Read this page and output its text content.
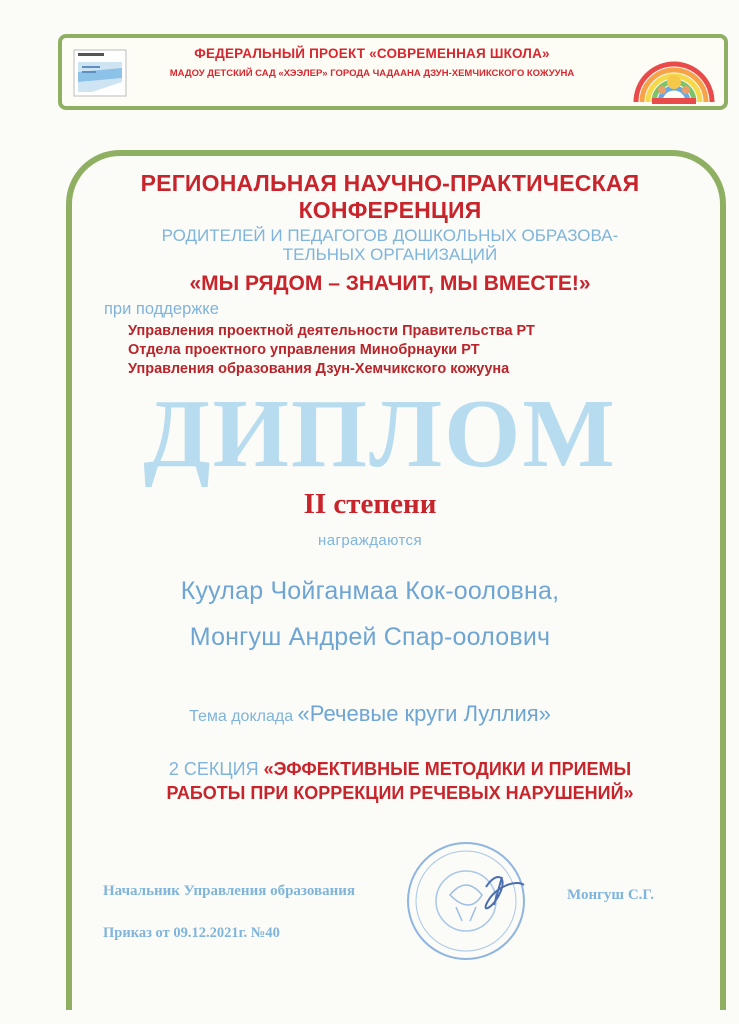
ФЕДЕРАЛЬНЫЙ ПРОЕКТ «СОВРЕМЕННАЯ ШКОЛА»
МАДОУ ДЕТСКИЙ САД «ХЭЭЛЕР» ГОРОДА ЧАДААНА ДЗУН-ХЕМЧИКСКОГО КОЖУУНА
РЕГИОНАЛЬНАЯ НАУЧНО-ПРАКТИЧЕСКАЯ
КОНФЕРЕНЦИЯ
РОДИТЕЛЕЙ И ПЕДАГОГОВ ДОШКОЛЬНЫХ ОБРАЗОВА-
ТЕЛЬНЫХ ОРГАНИЗАЦИЙ
«МЫ РЯДОМ – ЗНАЧИТ, МЫ ВМЕСТЕ!»
при поддержке
Управления проектной деятельности Правительства РТ
Отдела проектного управления Минобрнауки РТ
Управления образования Дзун-Хемчикского кожууна
ДИПЛОМ
II степени
награждаются
Куулар Чойганмаа Кок-ооловна,
Монгуш Андрей Спар-оолович
Тема доклада «Речевые круги Луллия»
2 СЕКЦИЯ «ЭФФЕКТИВНЫЕ МЕТОДИКИ И ПРИЕМЫ
РАБОТЫ ПРИ КОРРЕКЦИИ РЕЧЕВЫХ НАРУШЕНИЙ»
Начальник Управления образования	Монгуш С.Г.
Приказ от 09.12.2021г. №40
